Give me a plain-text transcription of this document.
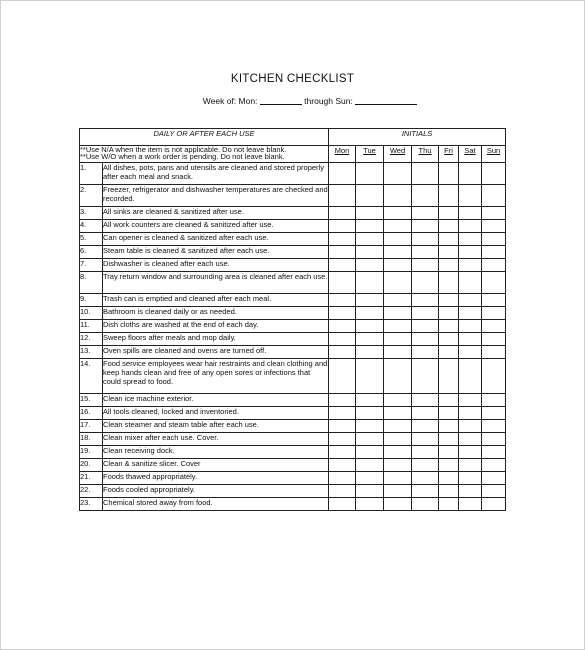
KITCHEN CHECKLIST
Week of: Mon:	through Sun:
DAILY OR AFTER EACH USE		INITIALS						

**Use N/A when the item is not applicable. Do not leave blank.
**Use W/O when a work order is pending. Do not leave blank.		Mon	Tue	Wed	Thu	Fri	Sat	Sun
1.	All dishes, pots, pans and utensils are cleaned and stored properly after each meal and snack.							
2.	Freezer, refrigerator and dishwasher temperatures are checked and recorded.							
3.	All sinks are cleaned & sanitized after use.							
4.	All work counters are cleaned & sanitized after use.							
5.	Can opener is cleaned & sanitized after each use.							
6.	Steam table is cleaned & sanitized after each use.							
7.	Dishwasher is cleaned after each use.							
8.	Tray return window and surrounding area is cleaned after each use.							
9.	Trash can is emptied and cleaned after each meal.							
10.	Bathroom is cleaned daily or as needed.							
11.	Dish cloths are washed at the end of each day.							
12.	Sweep floors after meals and mop daily.							
13.	Oven spills are cleaned and ovens are turned off.							
14.	Food service employees wear hair restraints and clean clothing and keep hands clean and free of any open sores or infections that could spread to food.							
15.	Clean ice machine exterior.							
16.	All tools cleaned, locked and inventoried.							
17.	Clean steamer and steam table after each use.							
18.	Clean mixer after each use. Cover.							
19.	Clean receiving dock.							
20.	Clean & sanitize slicer. Cover							
21.	Foods thawed appropriately.							
22.	Foods cooled appropriately.							
23.	Chemical stored away from food.							
